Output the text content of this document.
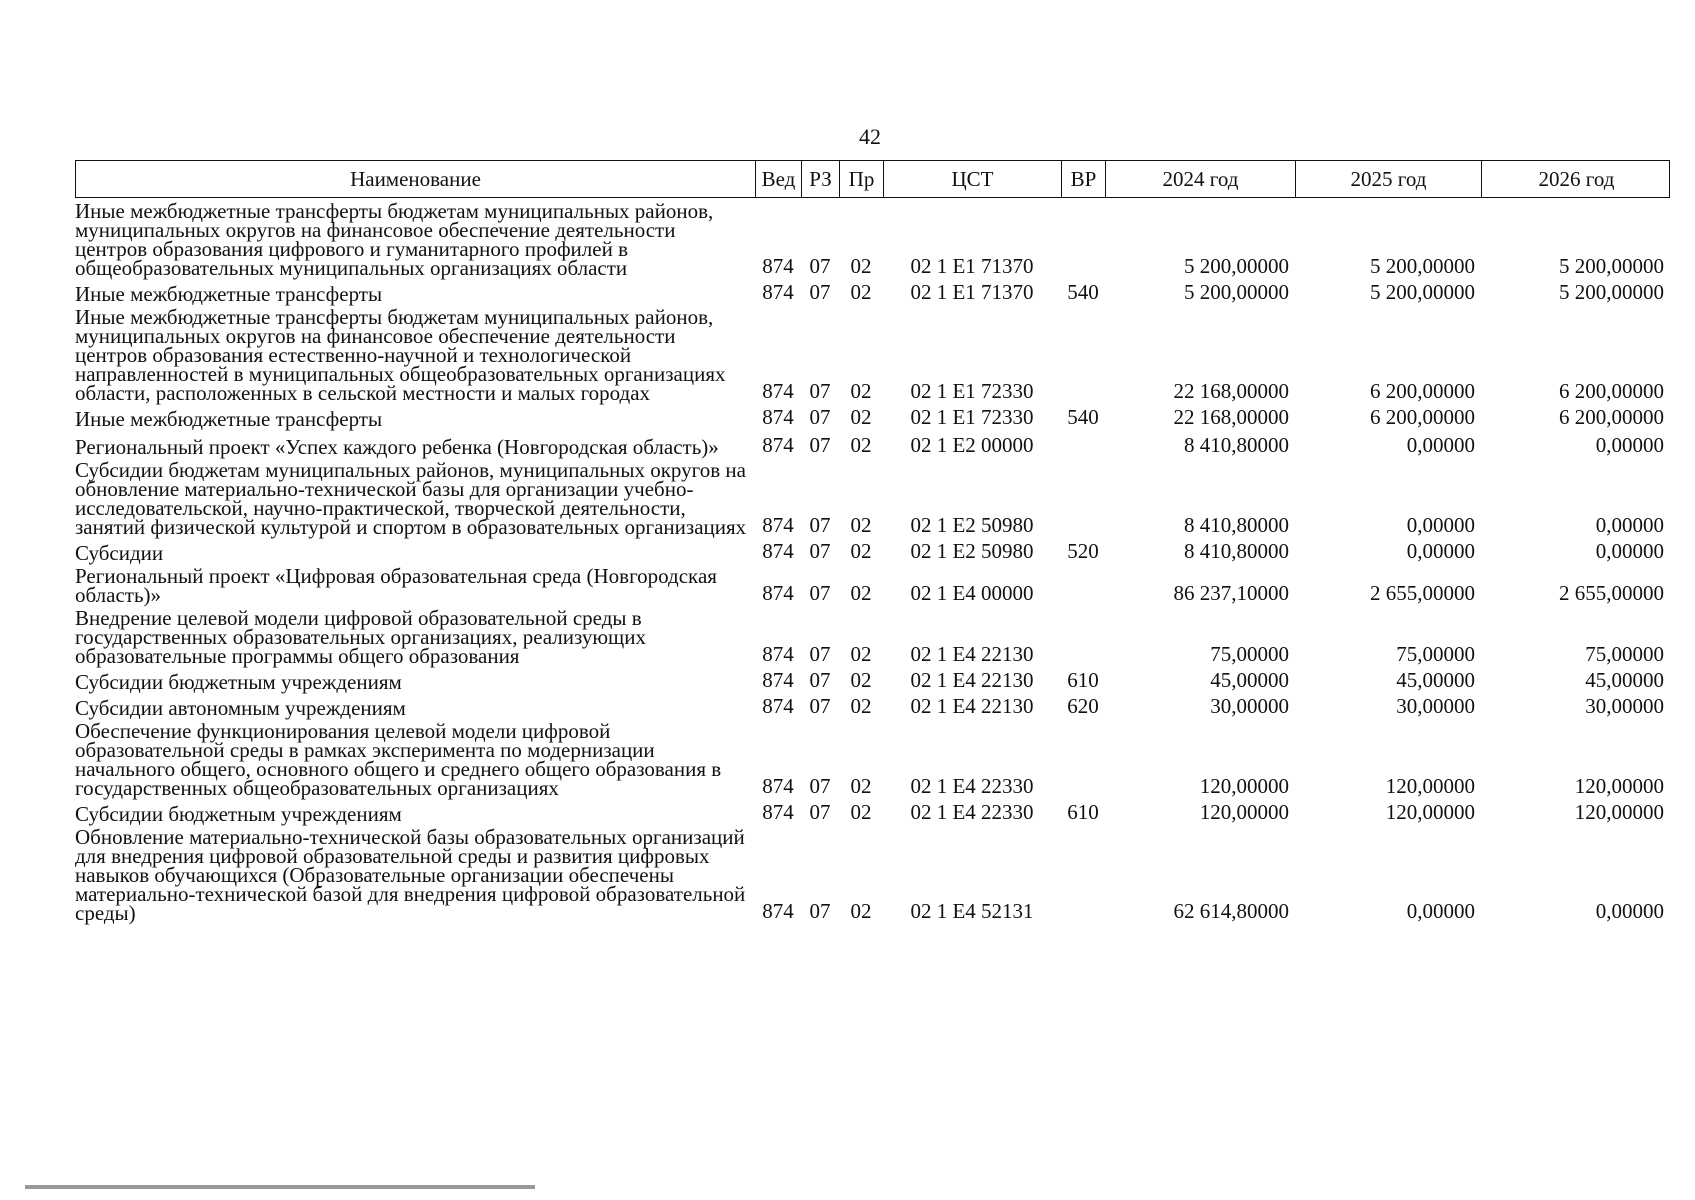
42
Наименование	Вед РЗ Пр	ЦСТ	ВР	2024 год	2025 год	2026 год
Иные межбюджетные трансферты бюджетам муниципальных районов, муниципальных округов на финансовое обеспечение деятельности центров образования цифрового и гуманитарного профилей в общеобразовательных муниципальных организациях области	874 07 02	02 1 E1 71370	5 200,00000	5 200,00000	5 200,00000
Иные межбюджетные трансферты	874 07 02	02 1 E1 71370	540	5 200,00000	5 200,00000	5 200,00000
Иные межбюджетные трансферты бюджетам муниципальных районов, муниципальных округов на финансовое обеспечение деятельности центров образования естественно-научной и технологической направленностей в муниципальных общеобразовательных организациях области, расположенных в сельской местности и малых городах	874 07 02	02 1 E1 72330	22 168,00000	6 200,00000	6 200,00000
Иные межбюджетные трансферты	874 07 02	02 1 E1 72330	540	22 168,00000	6 200,00000	6 200,00000
Региональный проект «Успех каждого ребенка (Новгородская область)»	874 07 02	02 1 E2 00000	8 410,80000	0,00000	0,00000
Субсидии бюджетам муниципальных районов, муниципальных округов на обновление материально-технической базы для организации учебно-исследовательской, научно-практической, творческой деятельности, занятий физической культурой и спортом в образовательных организациях 874 07 02	02 1 E2 50980	8 410,80000	0,00000	0,00000
Субсидии	874 07 02	02 1 E2 50980	520	8 410,80000	0,00000	0,00000
Региональный проект «Цифровая образовательная среда (Новгородская область)»	874 07 02	02 1 E4 00000	86 237,10000	2 655,00000	2 655,00000
Внедрение целевой модели цифровой образовательной среды в государственных образовательных организациях, реализующих образовательные программы общего образования	874 07 02	02 1 E4 22130	75,00000	75,00000	75,00000
Субсидии бюджетным учреждениям	874 07 02	02 1 E4 22130	610	45,00000	45,00000	45,00000
Субсидии автономным учреждениям	874 07 02	02 1 E4 22130	620	30,00000	30,00000	30,00000
Обеспечение функционирования целевой модели цифровой образовательной среды в рамках эксперимента по модернизации начального общего, основного общего и среднего общего образования в государственных общеобразовательных организациях	874 07 02	02 1 E4 22330	120,00000	120,00000	120,00000
Субсидии бюджетным учреждениям	874 07 02	02 1 E4 22330	610	120,00000	120,00000	120,00000
Обновление материально-технической базы образовательных организаций для внедрения цифровой образовательной среды и развития цифровых навыков обучающихся (Образовательные организации обеспечены материально-технической базой для внедрения цифровой образовательной среды)	874 07 02	02 1 E4 52131	62 614,80000	0,00000	0,00000
